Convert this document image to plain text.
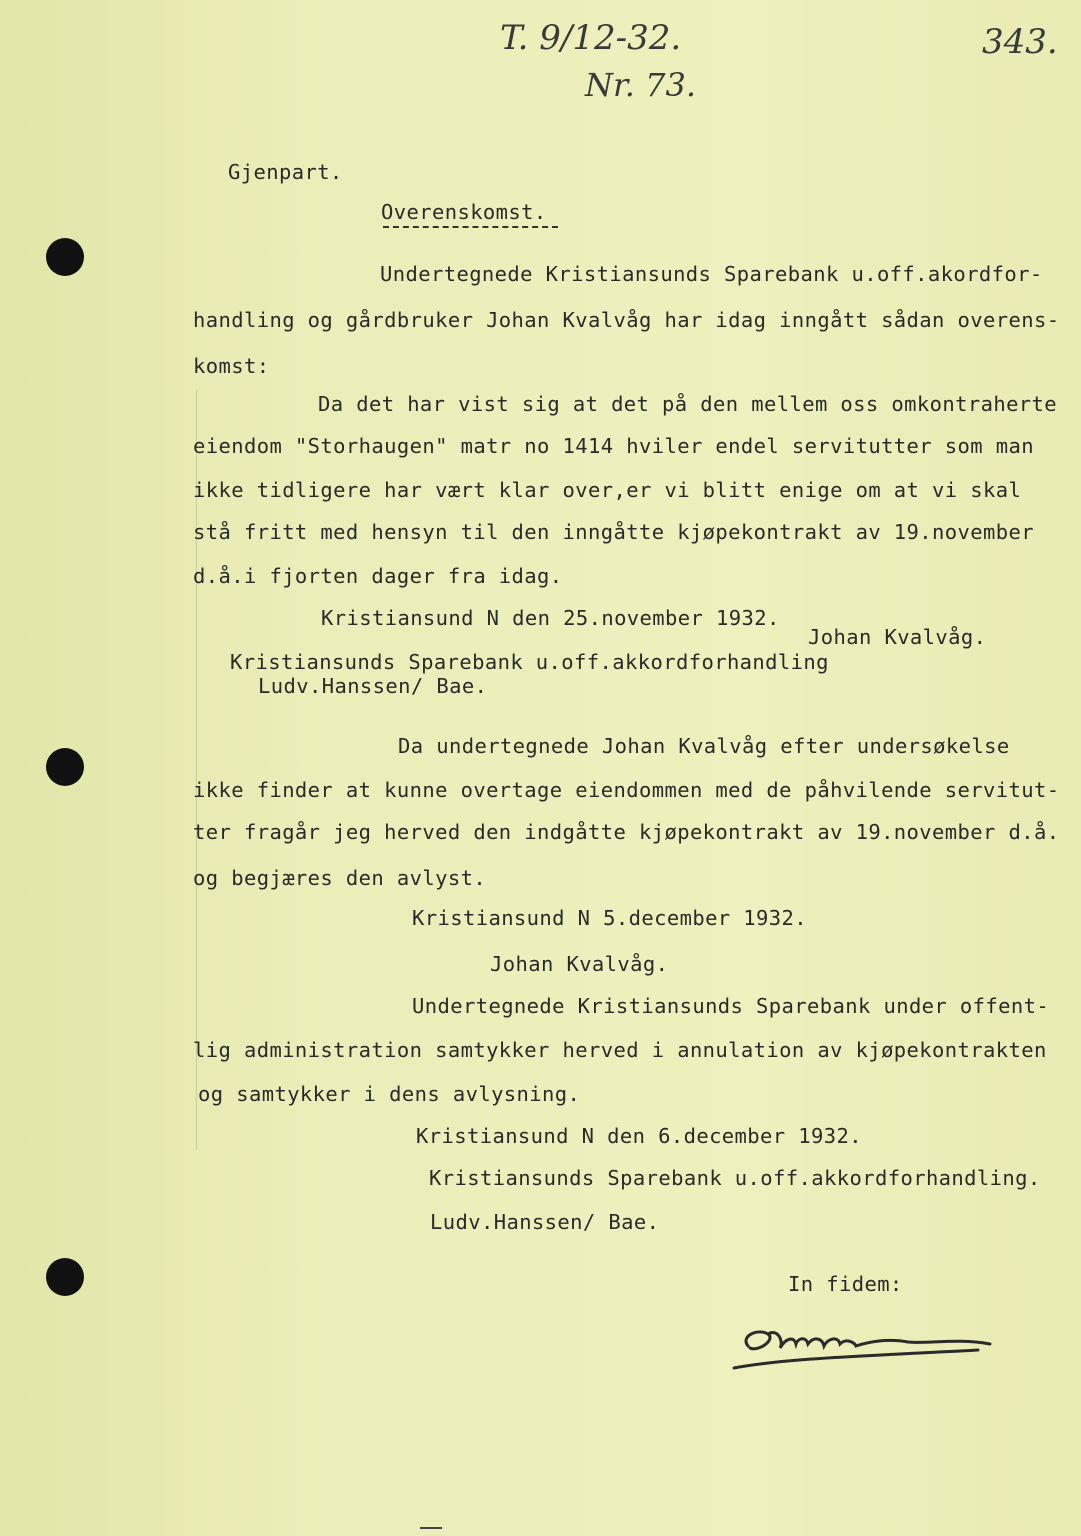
T. 9/12-32.
Nr. 73.
343.
Gjenpart.
Overenskomst.
Undertegnede Kristiansunds Sparebank u.off.akordfor-
handling og gårdbruker Johan Kvalvåg har idag inngått sådan overens-
komst:
Da det har vist sig at det på den mellem oss omkontraherte
eiendom "Storhaugen" matr no 1414 hviler endel servitutter som man
ikke tidligere har vært klar over,er vi blitt enige om at vi skal
stå fritt med hensyn til den inngåtte kjøpekontrakt av 19.november
d.å.i fjorten dager fra idag.
Kristiansund N den 25.november 1932.
Johan Kvalvåg.
Kristiansunds Sparebank u.off.akkordforhandling
Ludv.Hanssen/ Bae.
Da undertegnede Johan Kvalvåg efter undersøkelse
ikke finder at kunne overtage eiendommen med de påhvilende servitut-
ter fragår jeg herved den indgåtte kjøpekontrakt av 19.november d.å.
og begjæres den avlyst.
Kristiansund N 5.december 1932.
Johan Kvalvåg.
Undertegnede Kristiansunds Sparebank under offent-
lig administration samtykker herved i annulation av kjøpekontrakten
og samtykker i dens avlysning.
Kristiansund N den 6.december 1932.
Kristiansunds Sparebank u.off.akkordforhandling.
Ludv.Hanssen/ Bae.
In fidem:
